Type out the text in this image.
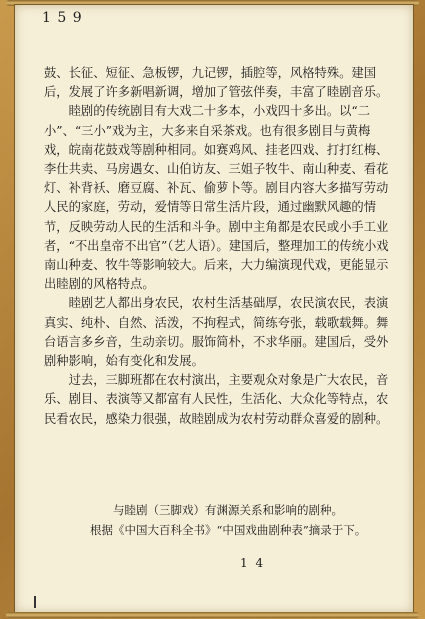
1 5 9

鼓、长征、短征、急板锣，九记锣，插腔等，风格特殊。建国后，发展了许多新唱新调，增加了管弦伴奏，丰富了睦剧音乐。

睦剧的传统剧目有大戏二十多本，小戏四十多出。以“二小”、“三小”戏为主，大多来自采茶戏。也有很多剧目与黄梅戏，皖南花鼓戏等剧种相同。如赛鸡风、挂老四戏、打打红梅、李仕共卖、马房遇女、山伯访友、三姐子牧牛、南山种麦、看花灯、补背袄、磨豆腐、补瓦、偷萝卜等。剧目内容大多描写劳动人民的家庭，劳动，爱情等日常生活片段，通过幽默风趣的情节，反映劳动人民的生活和斗争。剧中主角都是农民或小手工业者，“不出皇帝不出官”（艺人语）。建国后，整理加工的传统小戏南山种麦、牧牛等影响较大。后来，大力编演现代戏，更能显示出睦剧的风格特点。

睦剧艺人都出身农民，农村生活基础厚，农民演农民，表演真实、纯朴、自然、活泼，不拘程式，简练夸张，载歌载舞。舞台语言多乡音，生动亲切。服饰简朴，不求华丽。建国后，受外剧种影响，始有变化和发展。

过去，三脚班都在农村演出，主要观众对象是广大农民，音乐、剧目、表演等又都富有人民性，生活化、大众化等特点，农民看农民，感染力很强，故睦剧成为农村劳动群众喜爱的剧种。

与睦剧（三脚戏）有渊源关系和影响的剧种。

根据《中国大百科全书》“中国戏曲剧种表”摘录于下。

1 4
